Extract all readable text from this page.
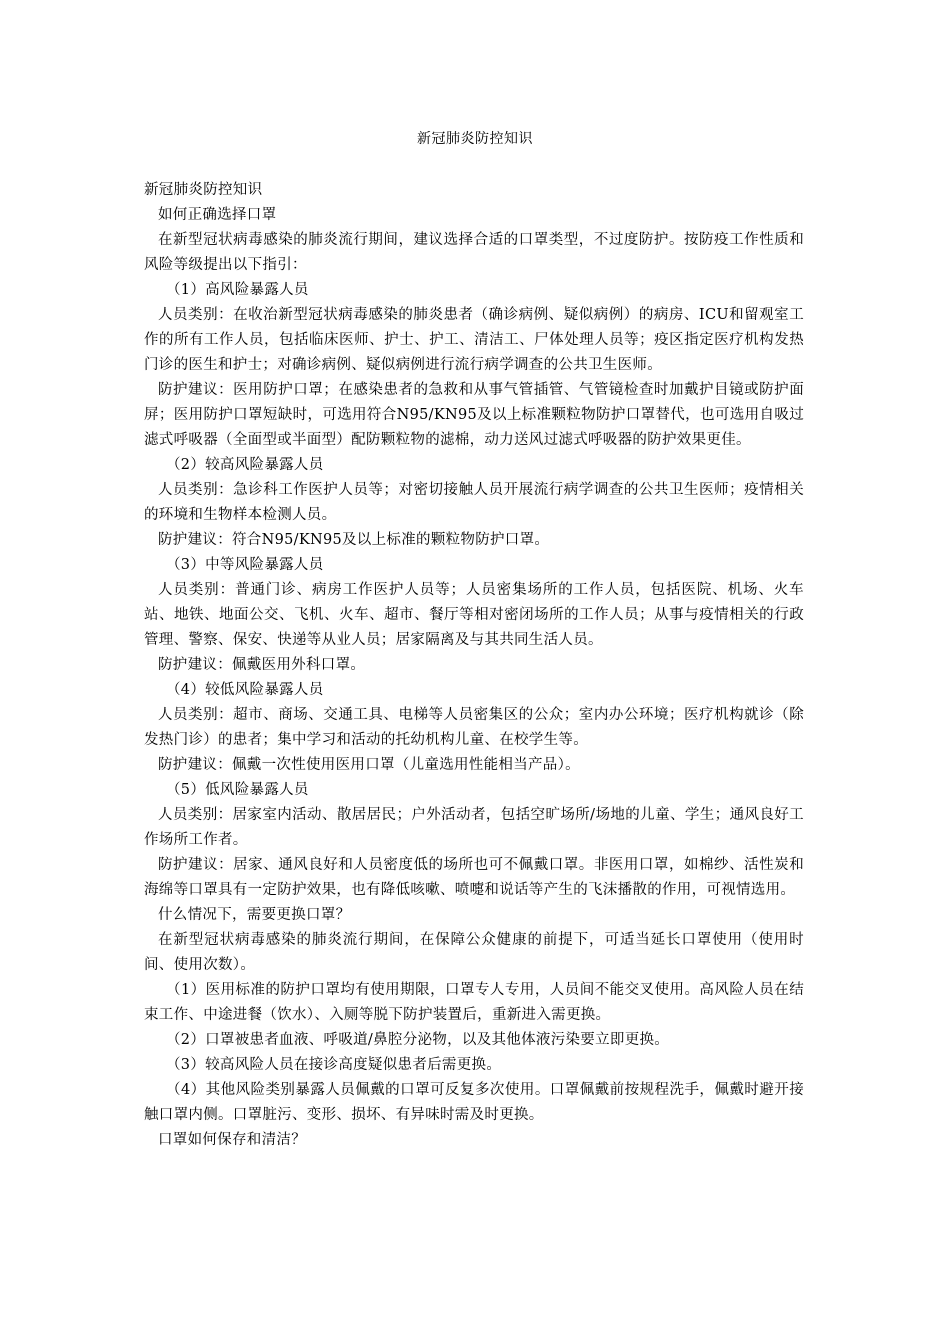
新冠肺炎防控知识

新冠肺炎防控知识

如何正确选择口罩

在新型冠状病毒感染的肺炎流行期间，建议选择合适的口罩类型，不过度防护。按防疫工作性质和风险等级提出以下指引：

（1）高风险暴露人员

人员类别：在收治新型冠状病毒感染的肺炎患者（确诊病例、疑似病例）的病房、ICU和留观室工作的所有工作人员，包括临床医师、护士、护工、清洁工、尸体处理人员等；疫区指定医疗机构发热门诊的医生和护士；对确诊病例、疑似病例进行流行病学调查的公共卫生医师。

防护建议：医用防护口罩；在感染患者的急救和从事气管插管、气管镜检查时加戴护目镜或防护面屏；医用防护口罩短缺时，可选用符合N95/KN95及以上标准颗粒物防护口罩替代，也可选用自吸过滤式呼吸器（全面型或半面型）配防颗粒物的滤棉，动力送风过滤式呼吸器的防护效果更佳。

（2）较高风险暴露人员

人员类别：急诊科工作医护人员等；对密切接触人员开展流行病学调查的公共卫生医师；疫情相关的环境和生物样本检测人员。

防护建议：符合N95/KN95及以上标准的颗粒物防护口罩。

（3）中等风险暴露人员

人员类别：普通门诊、病房工作医护人员等；人员密集场所的工作人员，包括医院、机场、火车站、地铁、地面公交、飞机、火车、超市、餐厅等相对密闭场所的工作人员；从事与疫情相关的行政管理、警察、保安、快递等从业人员；居家隔离及与其共同生活人员。

防护建议：佩戴医用外科口罩。

（4）较低风险暴露人员

人员类别：超市、商场、交通工具、电梯等人员密集区的公众；室内办公环境；医疗机构就诊（除发热门诊）的患者；集中学习和活动的托幼机构儿童、在校学生等。

防护建议：佩戴一次性使用医用口罩（儿童选用性能相当产品）。

（5）低风险暴露人员

人员类别：居家室内活动、散居居民；户外活动者，包括空旷场所/场地的儿童、学生；通风良好工作场所工作者。

防护建议：居家、通风良好和人员密度低的场所也可不佩戴口罩。非医用口罩，如棉纱、活性炭和海绵等口罩具有一定防护效果，也有降低咳嗽、喷嚏和说话等产生的飞沫播散的作用，可视情选用。

什么情况下，需要更换口罩？

在新型冠状病毒感染的肺炎流行期间，在保障公众健康的前提下，可适当延长口罩使用（使用时间、使用次数）。

（1）医用标准的防护口罩均有使用期限，口罩专人专用，人员间不能交叉使用。高风险人员在结束工作、中途进餐（饮水）、入厕等脱下防护装置后，重新进入需更换。

（2）口罩被患者血液、呼吸道/鼻腔分泌物，以及其他体液污染要立即更换。

（3）较高风险人员在接诊高度疑似患者后需更换。

（4）其他风险类别暴露人员佩戴的口罩可反复多次使用。口罩佩戴前按规程洗手，佩戴时避开接触口罩内侧。口罩脏污、变形、损坏、有异味时需及时更换。

口罩如何保存和清洁？
